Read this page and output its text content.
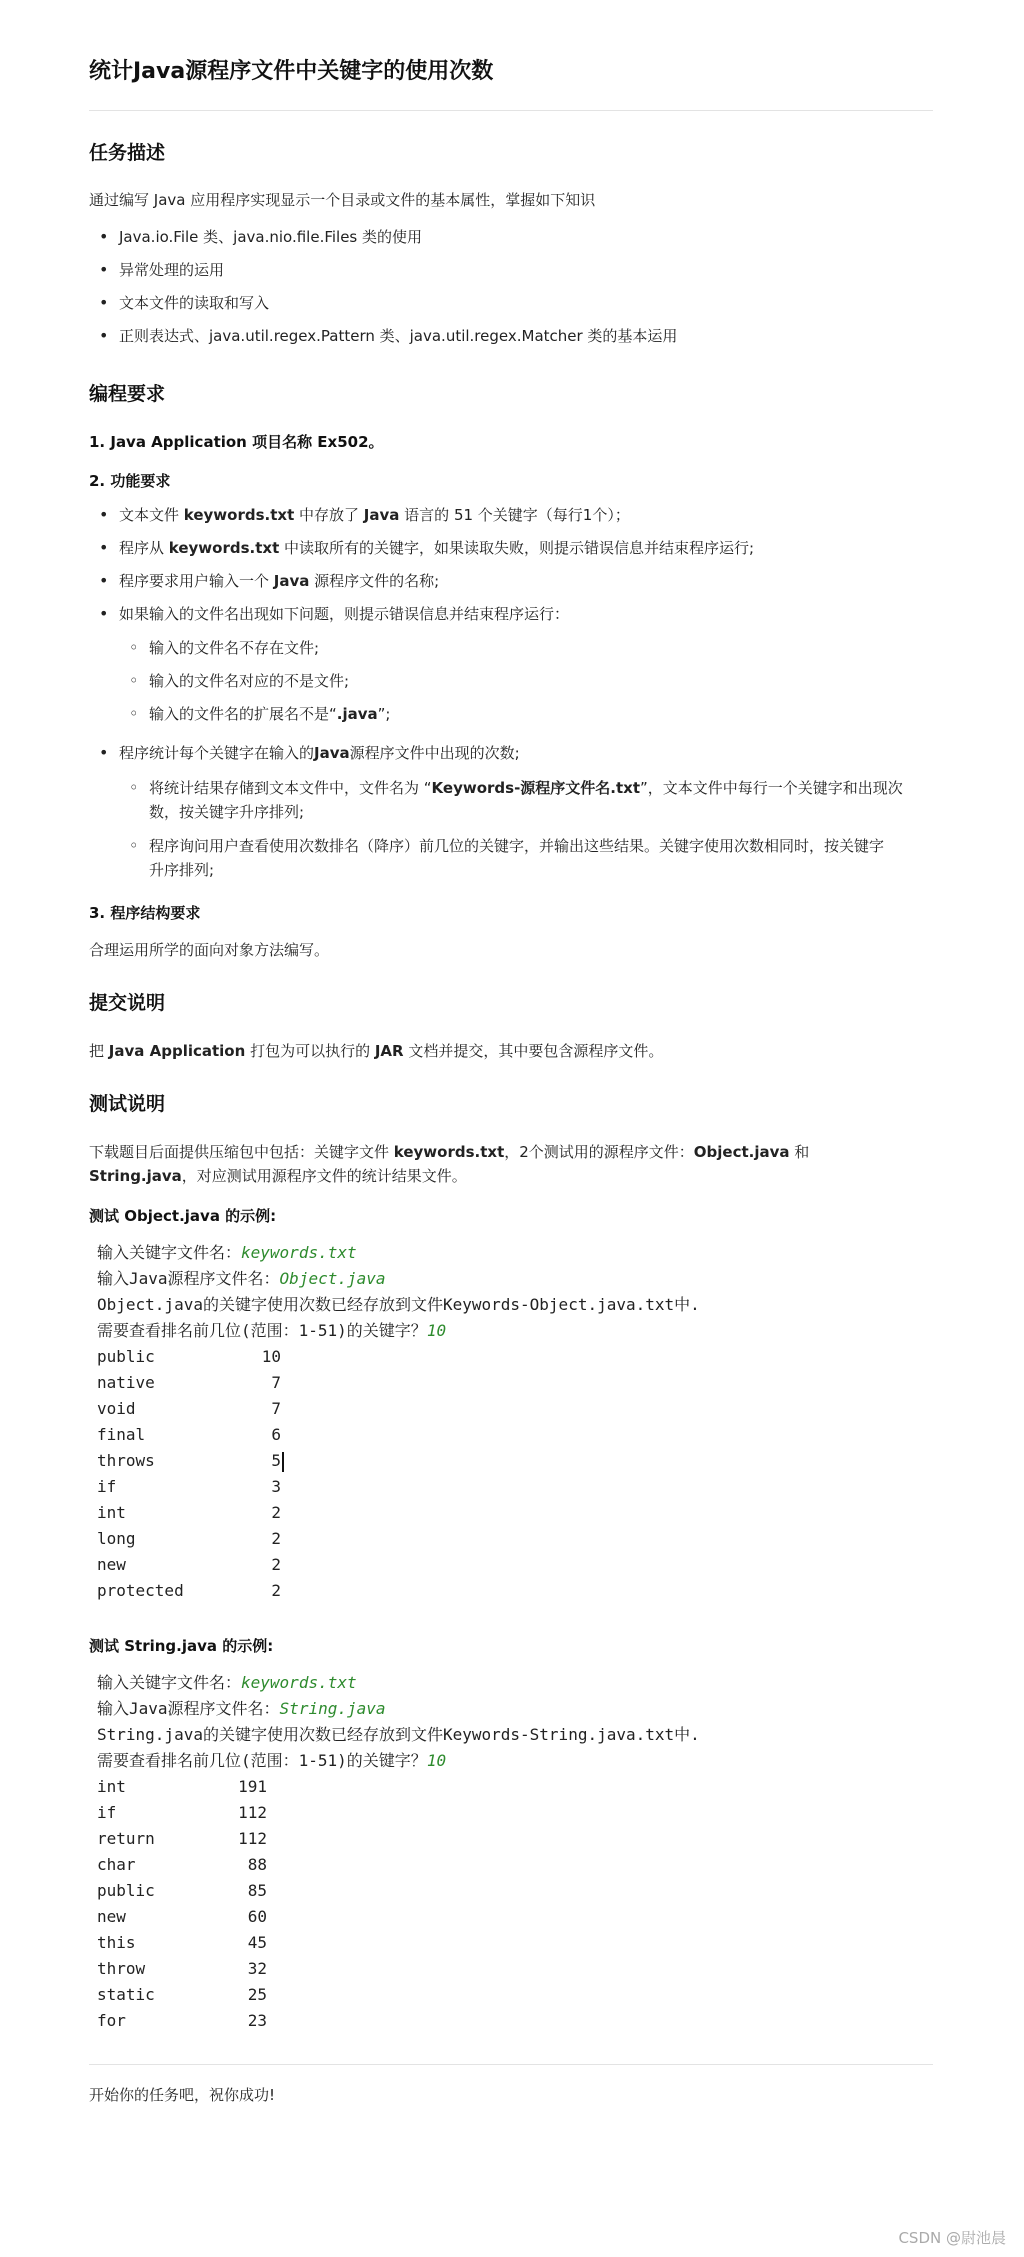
统计Java源程序文件中关键字的使用次数
任务描述

通过编写 Java 应用程序实现显示一个目录或文件的基本属性，掌握如下知识

• Java.io.File 类、java.nio.file.Files 类的使用
• 异常处理的运用
• 文本文件的读取和写入
• 正则表达式、java.util.regex.Pattern 类、java.util.regex.Matcher 类的基本运用
编程要求
1. Java Application 项目名称 Ex502。
2. 功能要求
• 文本文件 keywords.txt 中存放了 Java 语言的 51 个关键字（每行1个）；
• 程序从 keywords.txt 中读取所有的关键字，如果读取失败，则提示错误信息并结束程序运行;
• 程序要求用户输入一个 Java 源程序文件的名称;
• 如果输入的文件名出现如下问题，则提示错误信息并结束程序运行：
◦ 输入的文件名不存在文件;
◦ 输入的文件名对应的不是文件;
◦ 输入的文件名的扩展名不是“.java”;
• 程序统计每个关键字在输入的Java源程序文件中出现的次数;
◦ 将统计结果存储到文本文件中，文件名为 “Keywords-源程序文件名.txt”，文本文件中每行一个关键字和出现次
数，按关键字升序排列;
◦ 程序询问用户查看使用次数排名（降序）前几位的关键字，并输出这些结果。关键字使用次数相同时，按关键字
升序排列;
3. 程序结构要求

合理运用所学的面向对象方法编写。

提交说明

把 Java Application 打包为可以执行的 JAR 文档并提交，其中要包含源程序文件。

测试说明

下载题目后面提供压缩包中包括：关键字文件 keywords.txt，2个测试用的源程序文件：Object.java 和
String.java，对应测试用源程序文件的统计结果文件。

测试 Object.java 的示例:
输入关键字文件名：keywords.txt
输入Java源程序文件名：Object.java
Object.java的关键字使用次数已经存放到文件Keywords-Object.java.txt中.
需要查看排名前几位(范围：1-51)的关键字？10
public	10
native	7
void	7
final	6
throws	5
if	3
int	2
long	2
new	2
protected	2
测试 String.java 的示例:
输入关键字文件名：keywords.txt
输入Java源程序文件名：String.java
String.java的关键字使用次数已经存放到文件Keywords-String.java.txt中.
需要查看排名前几位(范围：1-51)的关键字？10
int	191
if	112
return	112
char	88
public	85
new	60
this	45
throw	32
static	25
for	23

开始你的任务吧，祝你成功!

CSDN @尉池晨
